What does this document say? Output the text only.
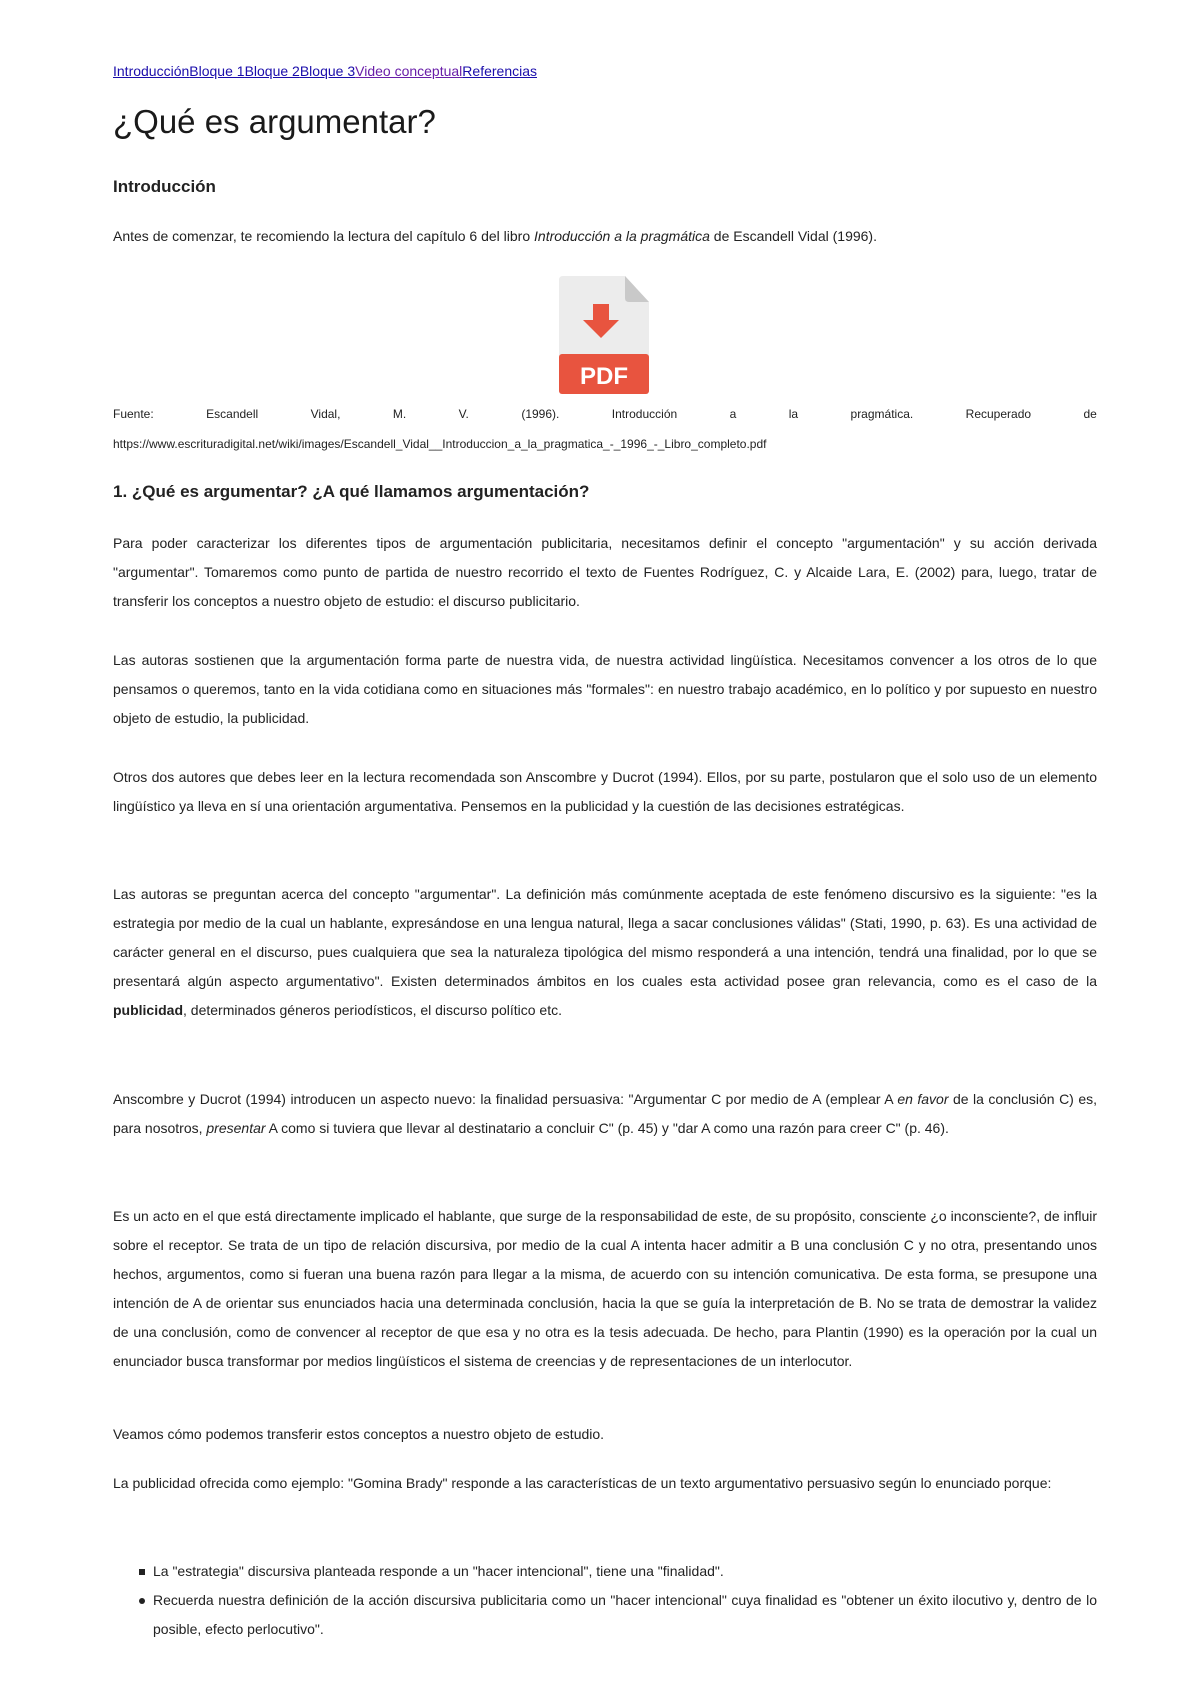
IntroducciónBloque 1Bloque 2Bloque 3Video conceptualReferencias
¿Qué es argumentar?
Introducción

Antes de comenzar, te recomiendo la lectura del capítulo 6 del libro Introducción a la pragmática de Escandell Vidal (1996).

PDF
Fuente:	Escandell	Vidal,	M.	V.	(1996).	Introducción	a	la	pragmática.	Recuperado	de
https://www.escrituradigital.net/wiki/images/Escandell_Vidal__Introduccion_a_la_pragmatica_-_1996_-_Libro_completo.pdf
1. ¿Qué es argumentar? ¿A qué llamamos argumentación?

Para poder caracterizar los diferentes tipos de argumentación publicitaria, necesitamos definir el concepto "argumentación" y su acción derivada "argumentar". Tomaremos como punto de partida de nuestro recorrido el texto de Fuentes Rodríguez, C. y Alcaide Lara, E. (2002) para, luego, tratar de transferir los conceptos a nuestro objeto de estudio: el discurso publicitario.

Las autoras sostienen que la argumentación forma parte de nuestra vida, de nuestra actividad lingüística. Necesitamos convencer a los otros de lo que pensamos o queremos, tanto en la vida cotidiana como en situaciones más "formales": en nuestro trabajo académico, en lo político y por supuesto en nuestro objeto de estudio, la publicidad.

Otros dos autores que debes leer en la lectura recomendada son Anscombre y Ducrot (1994). Ellos, por su parte, postularon que el solo uso de un elemento lingüístico ya lleva en sí una orientación argumentativa. Pensemos en la publicidad y la cuestión de las decisiones estratégicas.

Las autoras se preguntan acerca del concepto "argumentar". La definición más comúnmente aceptada de este fenómeno discursivo es la siguiente: "es la estrategia por medio de la cual un hablante, expresándose en una lengua natural, llega a sacar conclusiones válidas" (Stati, 1990, p. 63). Es una actividad de carácter general en el discurso, pues cualquiera que sea la naturaleza tipológica del mismo responderá a una intención, tendrá una finalidad, por lo que se presentará algún aspecto argumentativo". Existen determinados ámbitos en los cuales esta actividad posee gran relevancia, como es el caso de la publicidad, determinados géneros periodísticos, el discurso político etc.

Anscombre y Ducrot (1994) introducen un aspecto nuevo: la finalidad persuasiva: "Argumentar C por medio de A (emplear A en favor de la conclusión C) es, para nosotros, presentar A como si tuviera que llevar al destinatario a concluir C" (p. 45) y "dar A como una razón para creer C" (p. 46).

Es un acto en el que está directamente implicado el hablante, que surge de la responsabilidad de este, de su propósito, consciente ¿o inconsciente?, de influir sobre el receptor. Se trata de un tipo de relación discursiva, por medio de la cual A intenta hacer admitir a B una conclusión C y no otra, presentando unos hechos, argumentos, como si fueran una buena razón para llegar a la misma, de acuerdo con su intención comunicativa. De esta forma, se presupone una intención de A de orientar sus enunciados hacia una determinada conclusión, hacia la que se guía la interpretación de B. No se trata de demostrar la validez de una conclusión, como de convencer al receptor de que esa y no otra es la tesis adecuada. De hecho, para Plantin (1990) es la operación por la cual un enunciador busca transformar por medios lingüísticos el sistema de creencias y de representaciones de un interlocutor.

Veamos cómo podemos transferir estos conceptos a nuestro objeto de estudio.

La publicidad ofrecida como ejemplo: "Gomina Brady" responde a las características de un texto argumentativo persuasivo según lo enunciado porque:

La "estrategia" discursiva planteada responde a un "hacer intencional", tiene una "finalidad".
Recuerda nuestra definición de la acción discursiva publicitaria como un "hacer intencional" cuya finalidad es "obtener un éxito ilocutivo y, dentro de lo posible, efecto perlocutivo".
